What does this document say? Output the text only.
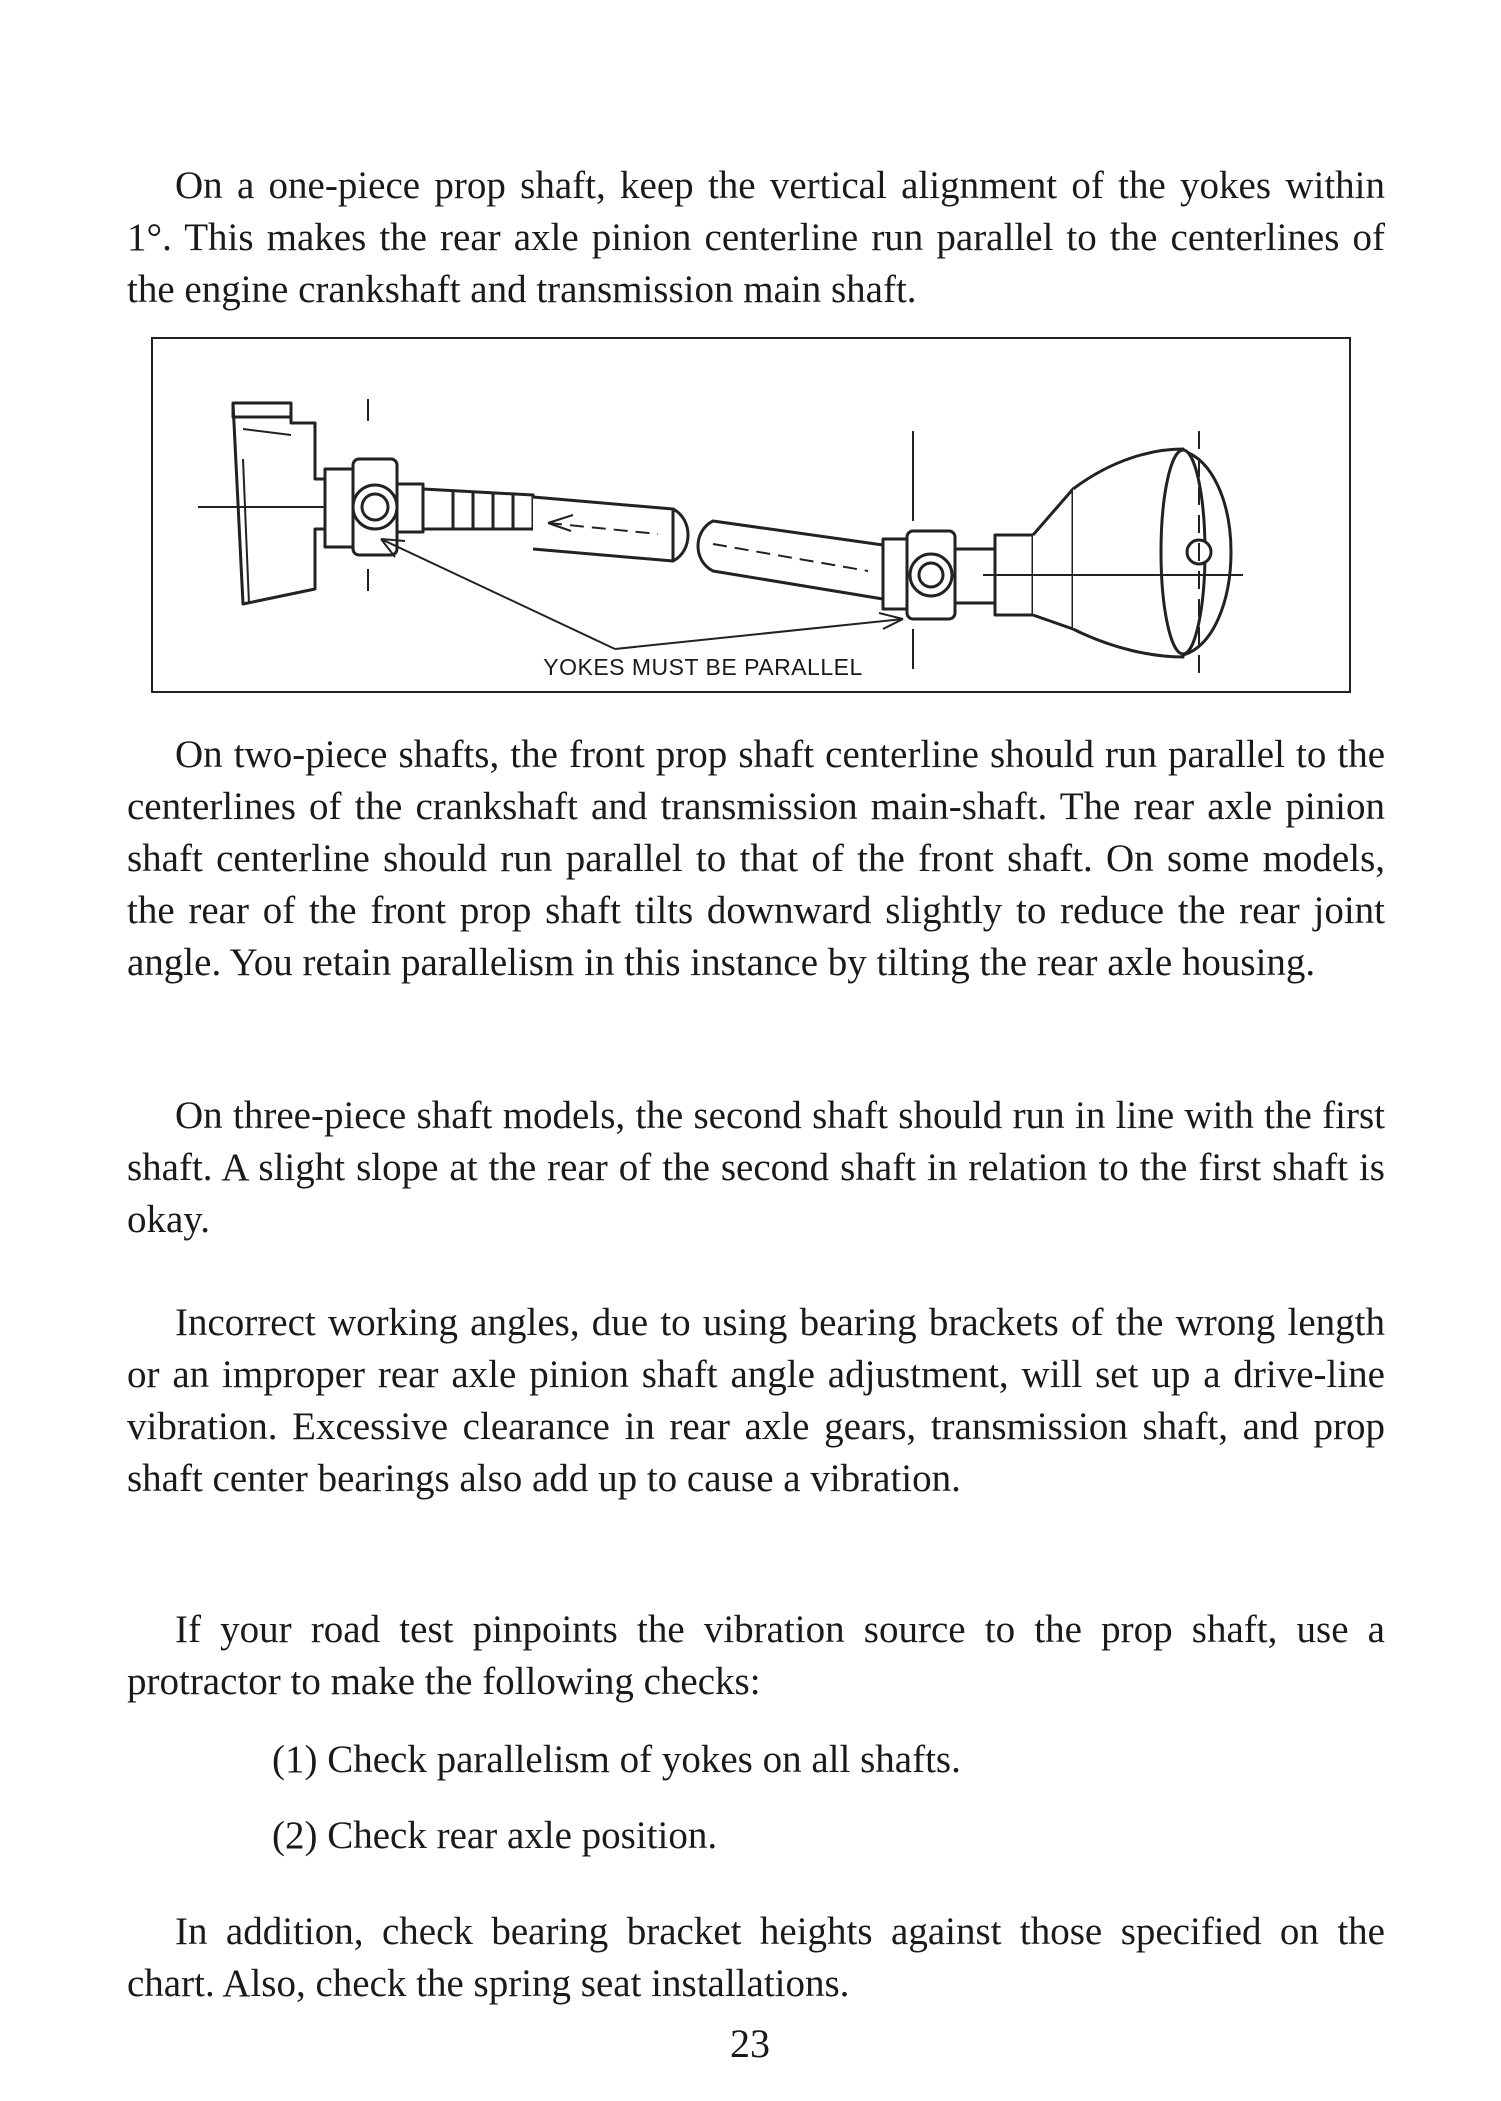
On a one-piece prop shaft, keep the vertical alignment of the yokes within 1°. This makes the rear axle pinion centerline run parallel to the centerlines of the engine crankshaft and transmission main shaft.

YOKES MUST BE PARALLEL

On two-piece shafts, the front prop shaft centerline should run parallel to the centerlines of the crankshaft and transmission main-shaft. The rear axle pinion shaft centerline should run parallel to that of the front shaft. On some models, the rear of the front prop shaft tilts downward slightly to reduce the rear joint angle. You retain parallelism in this instance by tilting the rear axle housing.

On three-piece shaft models, the second shaft should run in line with the first shaft. A slight slope at the rear of the second shaft in relation to the first shaft is okay.

Incorrect working angles, due to using bearing brackets of the wrong length or an improper rear axle pinion shaft angle adjustment, will set up a drive-line vibration. Excessive clearance in rear axle gears, transmission shaft, and prop shaft center bearings also add up to cause a vibration.

If your road test pinpoints the vibration source to the prop shaft, use a protractor to make the following checks:

(1) Check parallelism of yokes on all shafts.

(2) Check rear axle position.

In addition, check bearing bracket heights against those specified on the chart. Also, check the spring seat installations.

23
